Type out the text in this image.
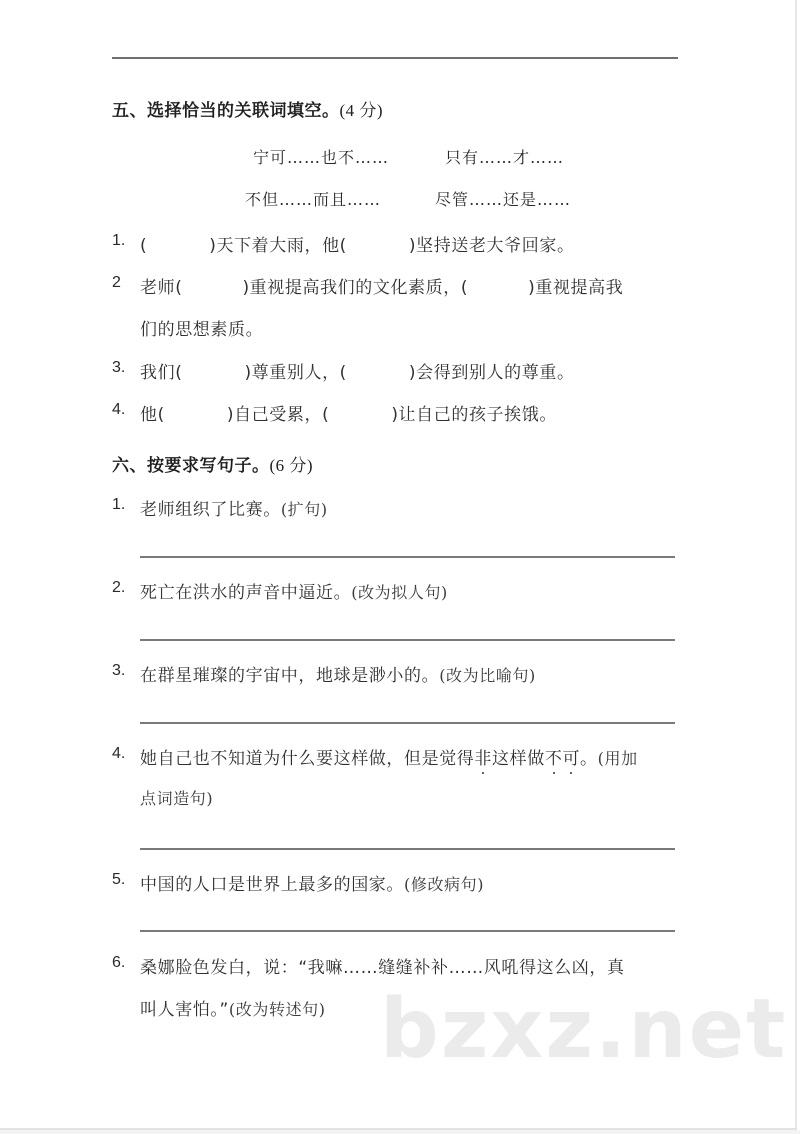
五、选择恰当的关联词填空。(4 分)
宁可……也不……	只有……才……
不但……而且……	尽管……还是……
1. (	)天下着大雨，他(	)坚持送老大爷回家。
2 老师(	)重视提高我们的文化素质，(	)重视提高我
们的思想素质。
3. 我们(	)尊重别人，(	)会得到别人的尊重。
4. 他(	)自己受累，(	)让自己的孩子挨饿。
六、按要求写句子。(6 分)
1. 老师组织了比赛。(扩句)
2. 死亡在洪水的声音中逼近。(改为拟人句)
3. 在群星璀璨的宇宙中，地球是渺小的。(改为比喻句)
4. 她自己也不知道为什么要这样做，但是觉得非这样做不可。(用加
点词造句)
5. 中国的人口是世界上最多的国家。(修改病句)
6. 桑娜脸色发白，说：“我嘛……缝缝补补……风吼得这么凶，真
叫人害怕。”(改为转述句) bzxz.net
